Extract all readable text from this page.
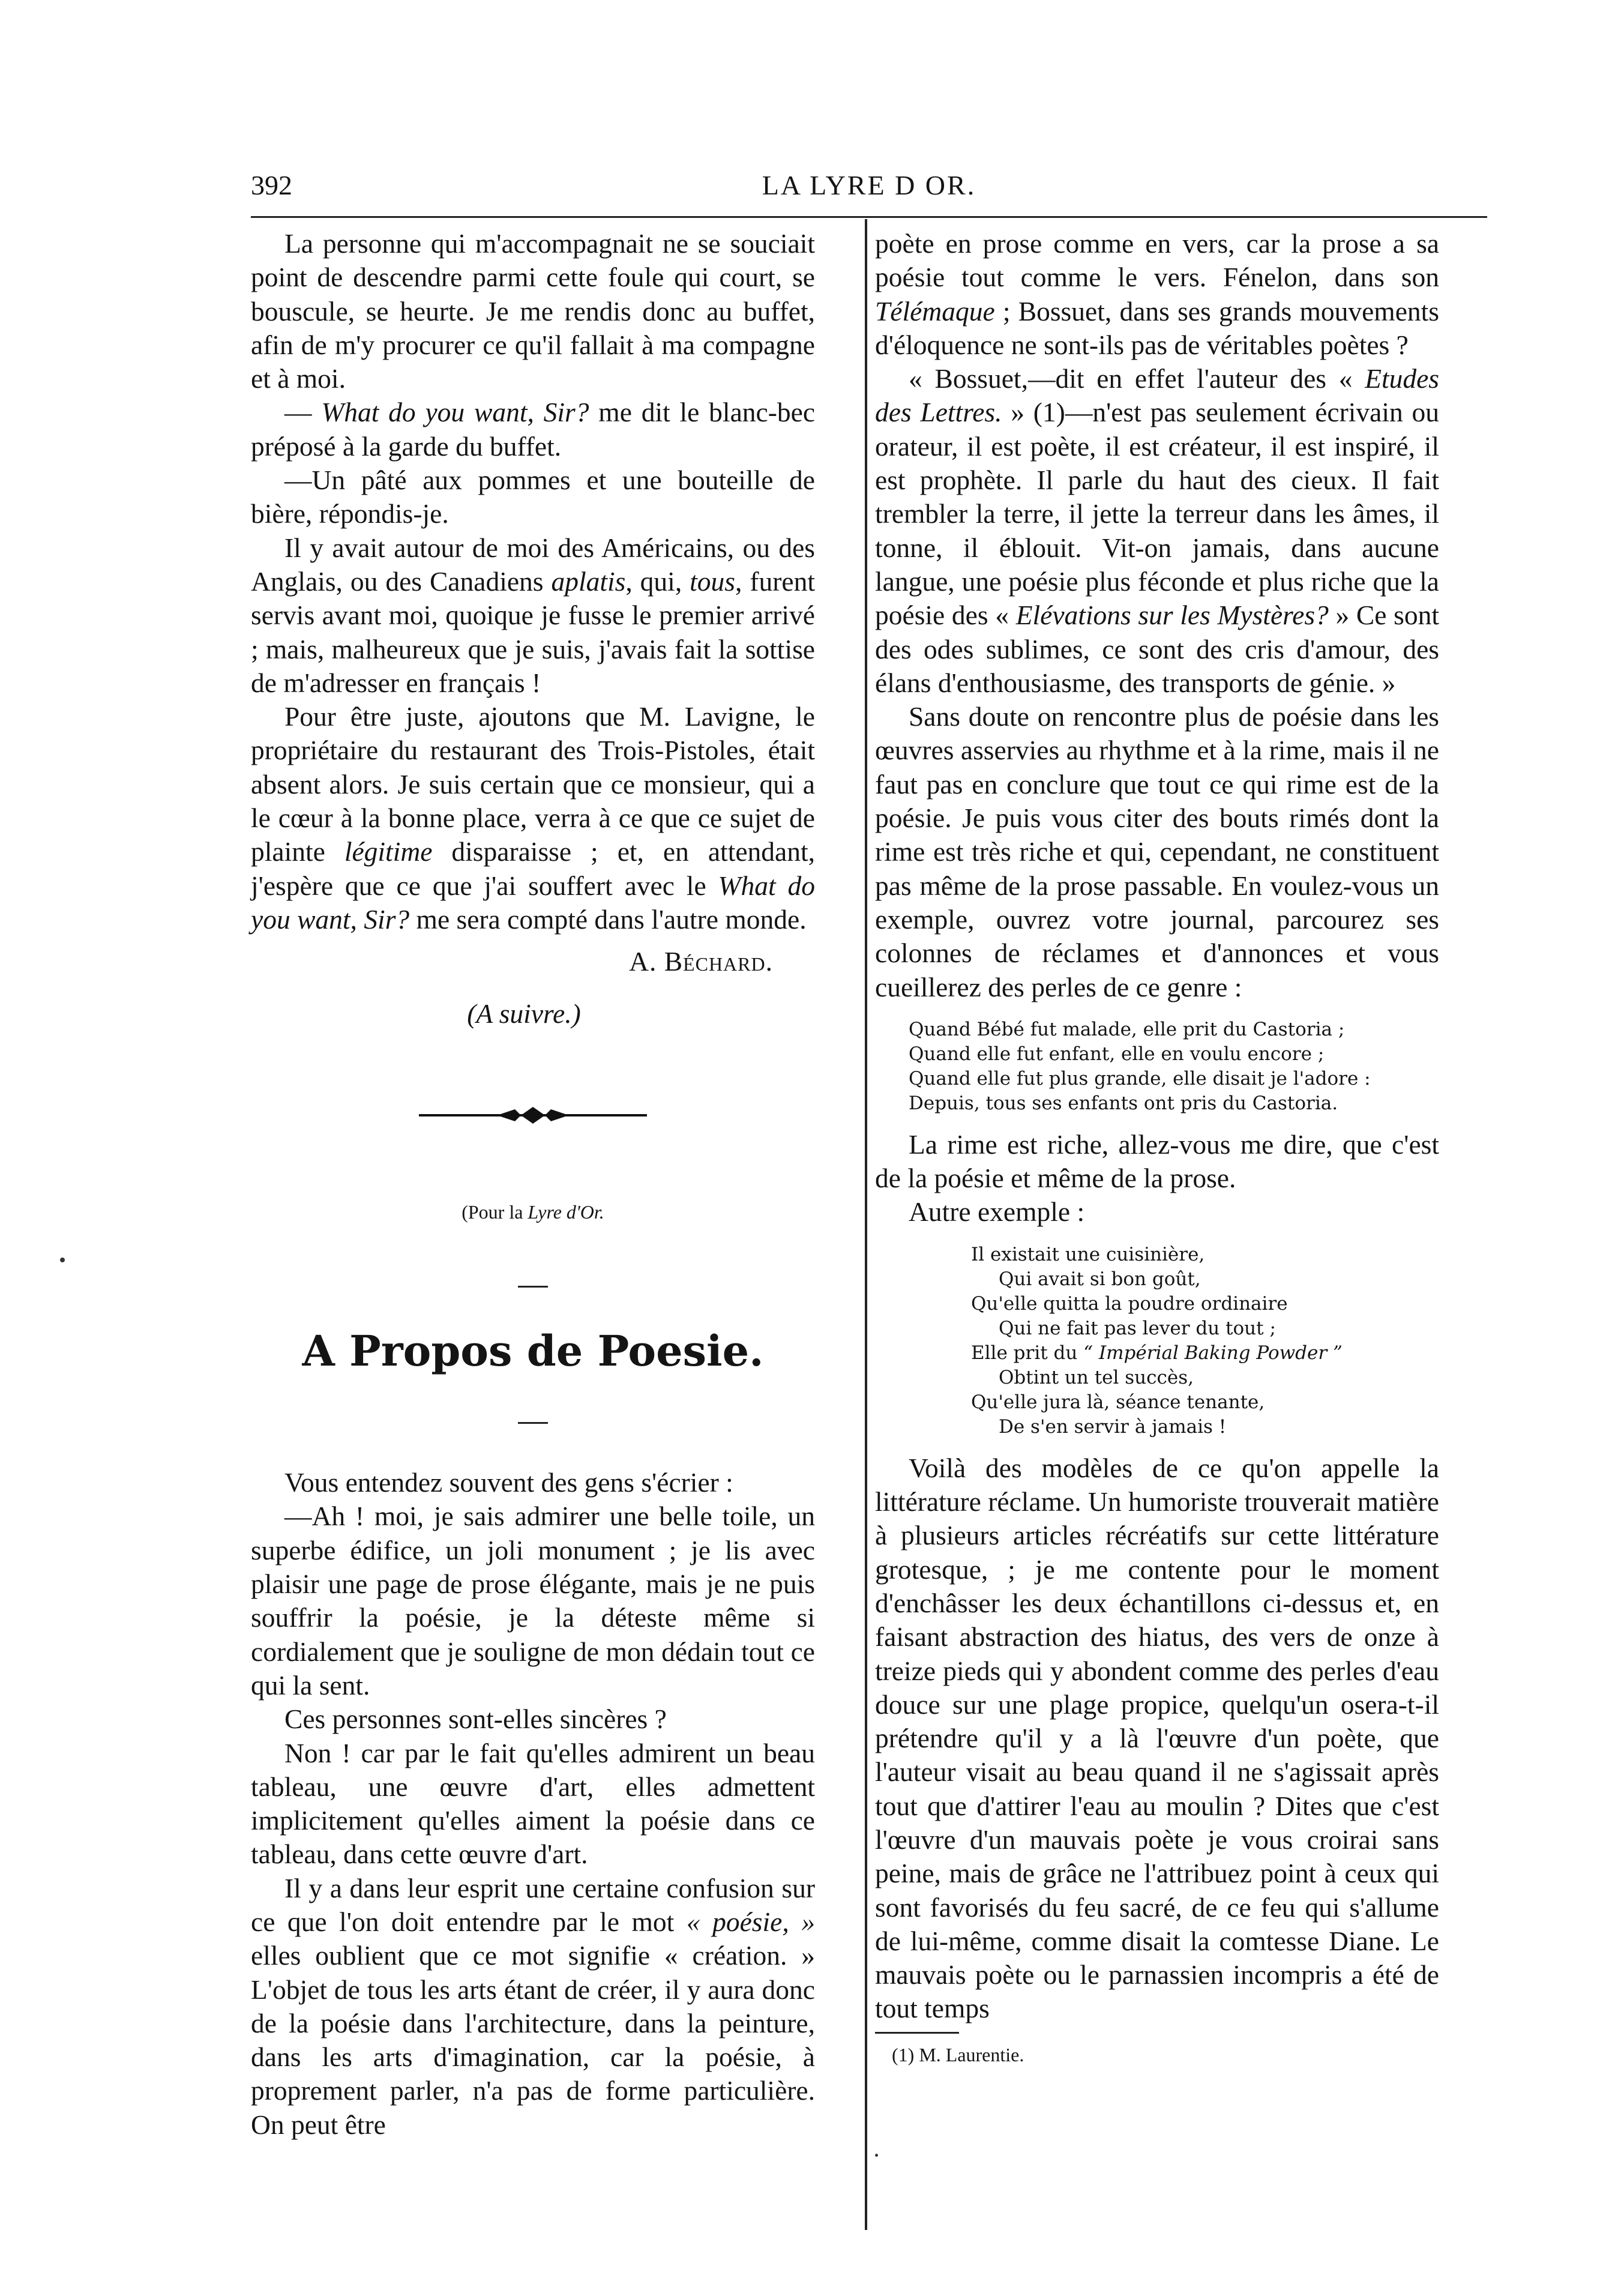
392	LA LYRE D OR.

La personne qui m'accompagnait ne se souciait point de descendre parmi cette foule qui court, se bouscule, se heurte. Je me rendis donc au buffet, afin de m'y procurer ce qu'il fallait à ma compagne et à moi.

— What do you want, Sir? me dit le blanc-bec préposé à la garde du buffet.

—Un pâté aux pommes et une bouteille de bière, répondis-je.

Il y avait autour de moi des Américains, ou des Anglais, ou des Canadiens aplatis, qui, tous, furent servis avant moi, quoique je fusse le premier arrivé ; mais, malheureux que je suis, j'avais fait la sottise de m'adresser en français !

Pour être juste, ajoutons que M. Lavigne, le propriétaire du restaurant des Trois-Pistoles, était absent alors. Je suis certain que ce monsieur, qui a le cœur à la bonne place, verra à ce que ce sujet de plainte légitime disparaisse ; et, en attendant, j'espère que ce que j'ai souffert avec le What do you want, Sir? me sera compté dans l'autre monde.

A. Béchard.
(A suivre.)
(Pour la Lyre d'Or.
A Propos de Poesie.

Vous entendez souvent des gens s'écrier :

—Ah ! moi, je sais admirer une belle toile, un superbe édifice, un joli monument ; je lis avec plaisir une page de prose élégante, mais je ne puis souffrir la poésie, je la déteste même si cordialement que je souligne de mon dédain tout ce qui la sent.

Ces personnes sont-elles sincères ?

Non ! car par le fait qu'elles admirent un beau tableau, une œuvre d'art, elles admettent implicitement qu'elles aiment la poésie dans ce tableau, dans cette œuvre d'art.

Il y a dans leur esprit une certaine confusion sur ce que l'on doit entendre par le mot « poésie, » elles oublient que ce mot signifie « création. » L'objet de tous les arts étant de créer, il y aura donc de la poésie dans l'architecture, dans la peinture, dans les arts d'imagination, car la poésie, à proprement parler, n'a pas de forme particulière. On peut être

poète en prose comme en vers, car la prose a sa poésie tout comme le vers. Fénelon, dans son Télémaque ; Bossuet, dans ses grands mouvements d'éloquence ne sont-ils pas de véritables poètes ?

« Bossuet,—dit en effet l'auteur des « Etudes des Lettres. » (1)—n'est pas seulement écrivain ou orateur, il est poète, il est créateur, il est inspiré, il est prophète. Il parle du haut des cieux. Il fait trembler la terre, il jette la terreur dans les âmes, il tonne, il éblouit. Vit-on jamais, dans aucune langue, une poésie plus féconde et plus riche que la poésie des « Elévations sur les Mystères? » Ce sont des odes sublimes, ce sont des cris d'amour, des élans d'enthousiasme, des transports de génie. »

Sans doute on rencontre plus de poésie dans les œuvres asservies au rhythme et à la rime, mais il ne faut pas en conclure que tout ce qui rime est de la poésie. Je puis vous citer des bouts rimés dont la rime est très riche et qui, cependant, ne constituent pas même de la prose passable. En voulez-vous un exemple, ouvrez votre journal, parcourez ses colonnes de réclames et d'annonces et vous cueillerez des perles de ce genre :

Quand Bébé fut malade, elle prit du Castoria ;
Quand elle fut enfant, elle en voulu encore ;
Quand elle fut plus grande, elle disait je l'adore :
Depuis, tous ses enfants ont pris du Castoria.

La rime est riche, allez-vous me dire, que c'est de la poésie et même de la prose.

Autre exemple :

Il existait une cuisinière,
Qui avait si bon goût,
Qu'elle quitta la poudre ordinaire
Qui ne fait pas lever du tout ;
Elle prit du “ Impérial Baking Powder ”
Obtint un tel succès,
Qu'elle jura là, séance tenante,
De s'en servir à jamais !

Voilà des modèles de ce qu'on appelle la littérature réclame. Un humoriste trouverait matière à plusieurs articles récréatifs sur cette littérature grotesque, ; je me contente pour le moment d'enchâsser les deux échantillons ci-dessus et, en faisant abstraction des hiatus, des vers de onze à treize pieds qui y abondent comme des perles d'eau douce sur une plage propice, quelqu'un osera-t-il prétendre qu'il y a là l'œuvre d'un poète, que l'auteur visait au beau quand il ne s'agissait après tout que d'attirer l'eau au moulin ? Dites que c'est l'œuvre d'un mauvais poète je vous croirai sans peine, mais de grâce ne l'attribuez point à ceux qui sont favorisés du feu sacré, de ce feu qui s'allume de lui-même, comme disait la comtesse Diane. Le mauvais poète ou le parnassien incompris a été de tout temps

(1) M. Laurentie.
